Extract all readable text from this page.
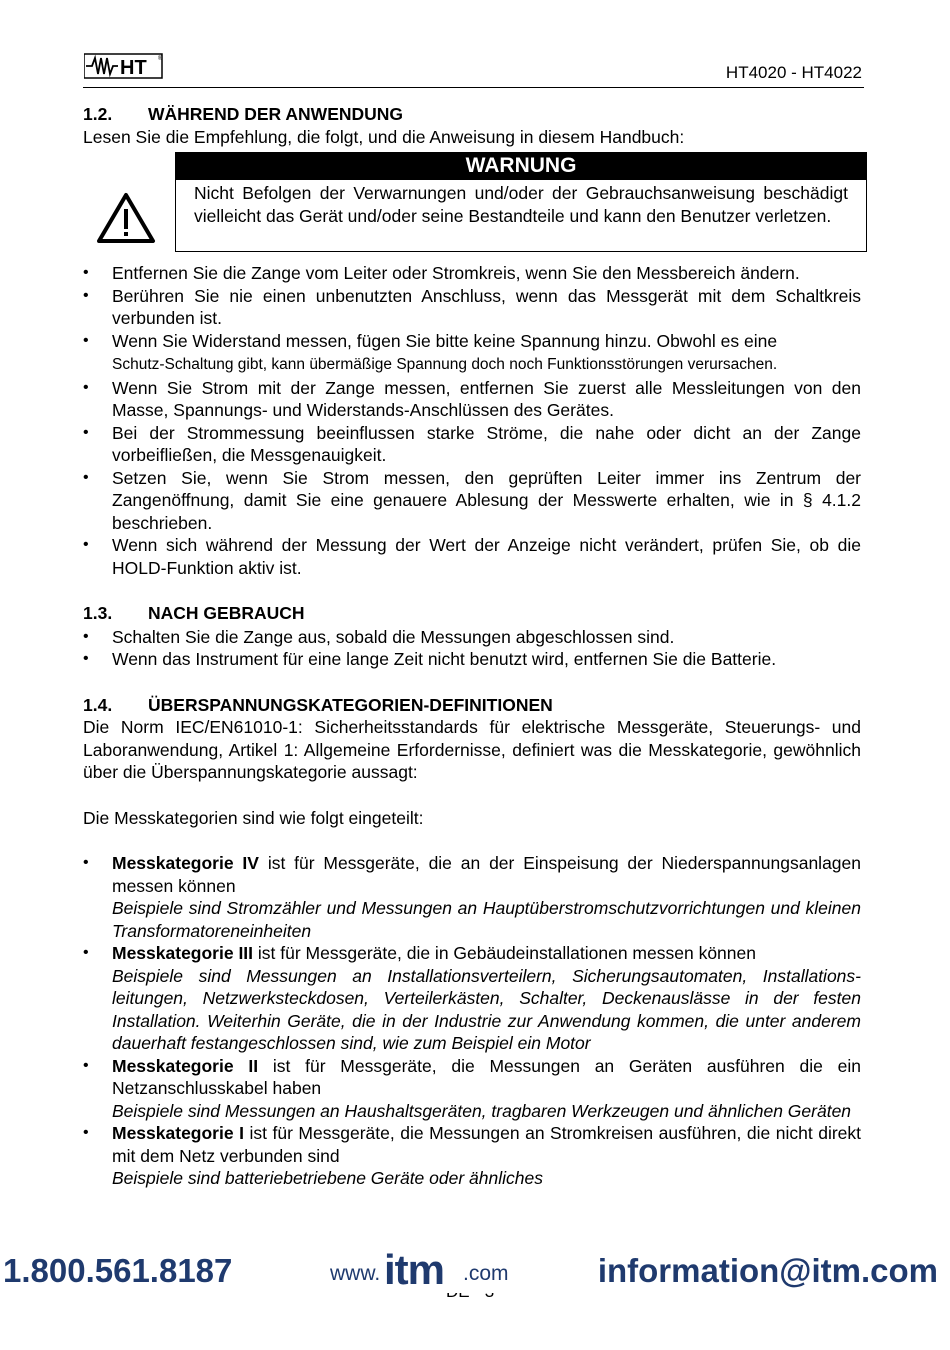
HT ®
HT4020 - HT4022

1.2. WÄHREND DER ANWENDUNG

Lesen Sie die Empfehlung, die folgt, und die Anweisung in diesem Handbuch:

WARNUNG
Nicht Befolgen der Verwarnungen und/oder der Gebrauchsanweisung beschädigt vielleicht das Gerät und/oder seine Bestandteile und kann den Benutzer verletzen.
• Entfernen Sie die Zange vom Leiter oder Stromkreis, wenn Sie den Messbereich ändern.
• Berühren Sie nie einen unbenutzten Anschluss, wenn das Messgerät mit dem Schaltkreis verbunden ist.
• Wenn Sie Widerstand messen, fügen Sie bitte keine Spannung hinzu. Obwohl es eine
Schutz-Schaltung gibt, kann übermäßige Spannung doch noch Funktionsstörungen verursachen.
• Wenn Sie Strom mit der Zange messen, entfernen Sie zuerst alle Messleitungen von den Masse, Spannungs- und Widerstands-Anschlüssen des Gerätes.
• Bei der Strommessung beeinflussen starke Ströme, die nahe oder dicht an der Zange vorbeifließen, die Messgenauigkeit.
• Setzen Sie, wenn Sie Strom messen, den geprüften Leiter immer ins Zentrum der Zangenöffnung, damit Sie eine genauere Ablesung der Messwerte erhalten, wie in § 4.1.2 beschrieben.
• Wenn sich während der Messung der Wert der Anzeige nicht verändert, prüfen Sie, ob die HOLD-Funktion aktiv ist.

1.3. NACH GEBRAUCH

• Schalten Sie die Zange aus, sobald die Messungen abgeschlossen sind.
• Wenn das Instrument für eine lange Zeit nicht benutzt wird, entfernen Sie die Batterie.

1.4. ÜBERSPANNUNGSKATEGORIEN-DEFINITIONEN

Die Norm IEC/EN61010-1: Sicherheitsstandards für elektrische Messgeräte, Steuerungs- und Laboranwendung, Artikel 1: Allgemeine Erfordernisse, definiert was die Messkategorie, gewöhnlich über die Überspannungskategorie aussagt:

Die Messkategorien sind wie folgt eingeteilt:

• Messkategorie IV ist für Messgeräte, die an der Einspeisung der Niederspannungsanlagen messen können
Beispiele sind Stromzähler und Messungen an Hauptüberstromschutzvorrichtungen und kleinen Transformatoreneinheiten
• Messkategorie III ist für Messgeräte, die in Gebäudeinstallationen messen können
Beispiele sind Messungen an Installationsverteilern, Sicherungsautomaten, Installations-leitungen, Netzwerksteckdosen, Verteilerkästen, Schalter, Deckenauslässe in der festen Installation. Weiterhin Geräte, die in der Industrie zur Anwendung kommen, die unter anderem dauerhaft festangeschlossen sind, wie zum Beispiel ein Motor
• Messkategorie II ist für Messgeräte, die Messungen an Geräten ausführen die ein Netzanschlusskabel haben
Beispiele sind Messungen an Haushaltsgeräten, tragbaren Werkzeugen und ähnlichen Geräten
• Messkategorie I ist für Messgeräte, die Messungen an Stromkreisen ausführen, die nicht direkt mit dem Netz verbunden sind
Beispiele sind batteriebetriebene Geräte oder ähnliches
1.800.561.8187	www. itm .com	information@itm.com
